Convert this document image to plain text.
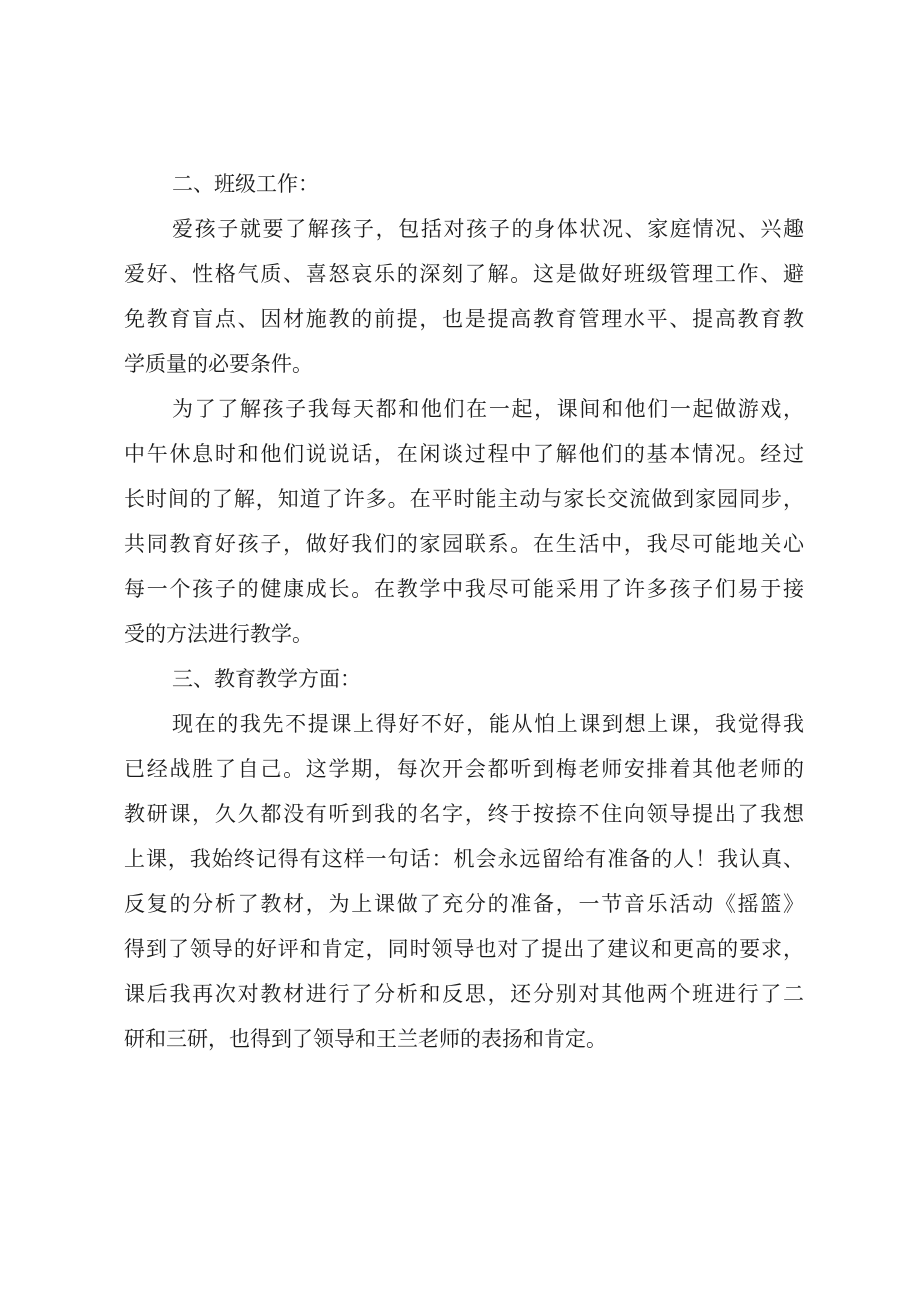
二、班级工作：
爱孩子就要了解孩子，包括对孩子的身体状况、家庭情况、兴趣
爱好、性格气质、喜怒哀乐的深刻了解。这是做好班级管理工作、避
免教育盲点、因材施教的前提，也是提高教育管理水平、提高教育教
学质量的必要条件。
为了了解孩子我每天都和他们在一起，课间和他们一起做游戏，
中午休息时和他们说说话，在闲谈过程中了解他们的基本情况。经过
长时间的了解，知道了许多。在平时能主动与家长交流做到家园同步，
共同教育好孩子，做好我们的家园联系。在生活中，我尽可能地关心
每一个孩子的健康成长。在教学中我尽可能采用了许多孩子们易于接
受的方法进行教学。
三、教育教学方面：
现在的我先不提课上得好不好，能从怕上课到想上课，我觉得我
已经战胜了自己。这学期，每次开会都听到梅老师安排着其他老师的
教研课，久久都没有听到我的名字，终于按捺不住向领导提出了我想
上课，我始终记得有这样一句话：机会永远留给有准备的人！我认真、
反复的分析了教材，为上课做了充分的准备，一节音乐活动《摇篮》
得到了领导的好评和肯定，同时领导也对了提出了建议和更高的要求，
课后我再次对教材进行了分析和反思，还分别对其他两个班进行了二
研和三研，也得到了领导和王兰老师的表扬和肯定。
